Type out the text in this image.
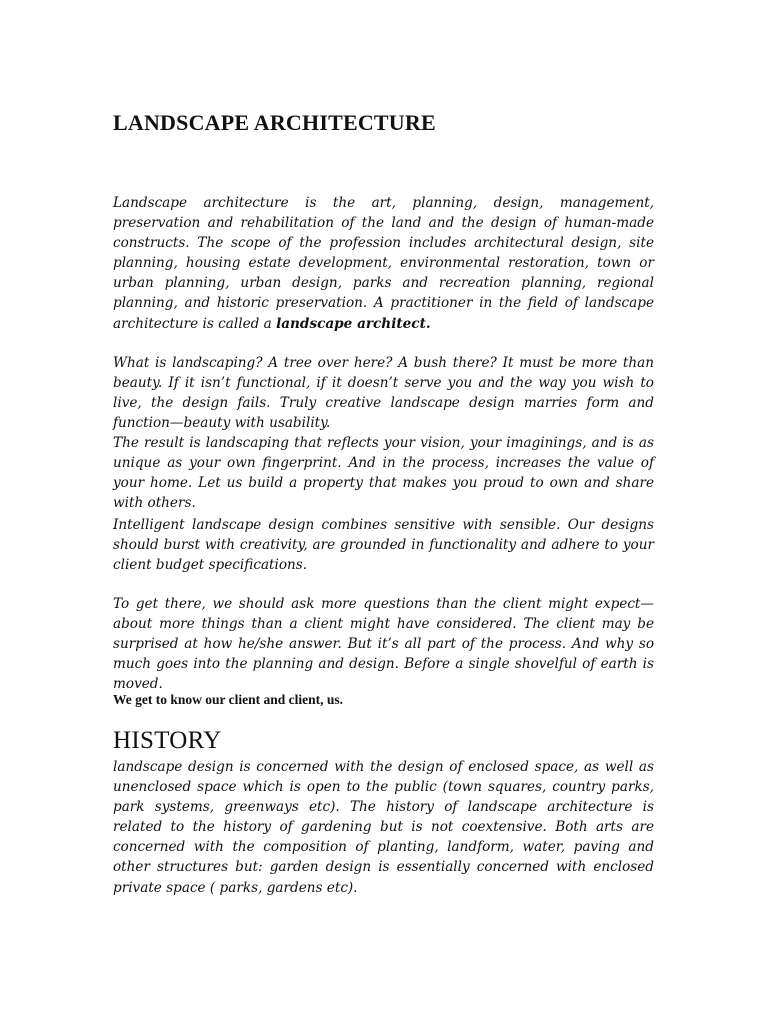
LANDSCAPE ARCHITECTURE

Landscape architecture is the art, planning, design, management, preservation and rehabilitation of the land and the design of human-made constructs. The scope of the profession includes architectural design, site planning, housing estate development, environmental restoration, town or urban planning, urban design, parks and recreation planning, regional planning, and historic preservation. A practitioner in the field of landscape architecture is called a landscape architect.

What is landscaping? A tree over here? A bush there? It must be more than beauty. If it isn’t functional, if it doesn’t serve you and the way you wish to live, the design fails. Truly creative landscape design marries form and function—beauty with usability.

The result is landscaping that reflects your vision, your imaginings, and is as unique as your own fingerprint. And in the process, increases the value of your home. Let us build a property that makes you proud to own and share with others.

Intelligent landscape design combines sensitive with sensible. Our designs should burst with creativity, are grounded in functionality and adhere to your client budget specifications.

To get there, we should ask more questions than the client might expect—about more things than a client might have considered. The client may be surprised at how he/she answer. But it’s all part of the process. And why so much goes into the planning and design. Before a single shovelful of earth is moved.

We get to know our client and client, us.

HISTORY

landscape design is concerned with the design of enclosed space, as well as unenclosed space which is open to the public (town squares, country parks, park systems, greenways etc). The history of landscape architecture is related to the history of gardening but is not coextensive. Both arts are concerned with the composition of planting, landform, water, paving and other structures but: garden design is essentially concerned with enclosed private space ( parks, gardens etc).
